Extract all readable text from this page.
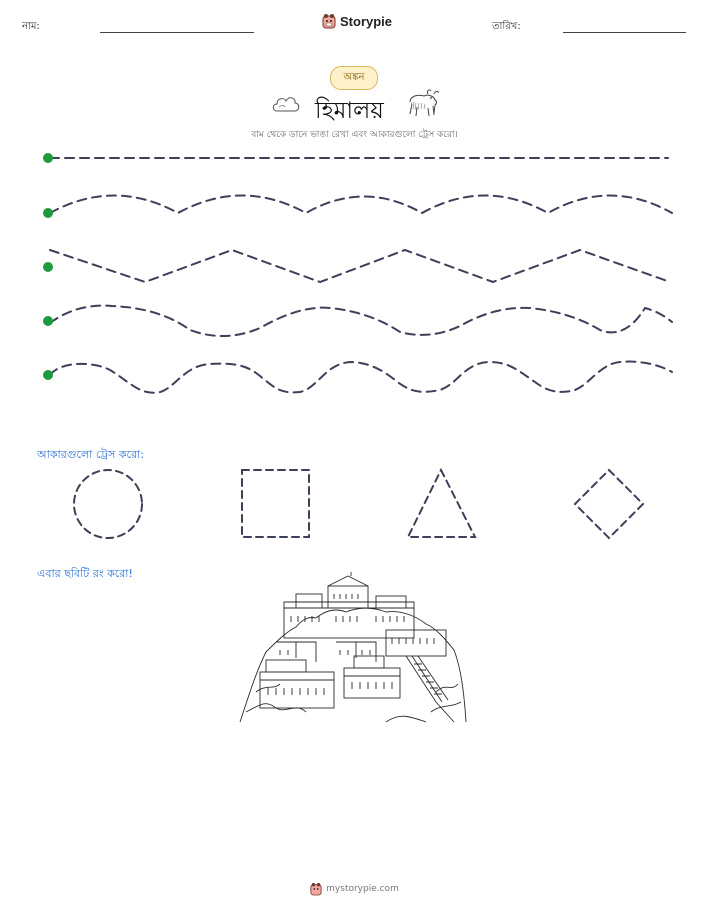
নাম:	Storypie	তারিখ:
অঙ্কন
হিমালয়
বাম থেকে ডানে ভাঙা রেখা এবং আকারগুলো ট্রেস করো।
আকারগুলো ট্রেস করো:
এবার ছবিটি রং করো!
mystorypie.com
